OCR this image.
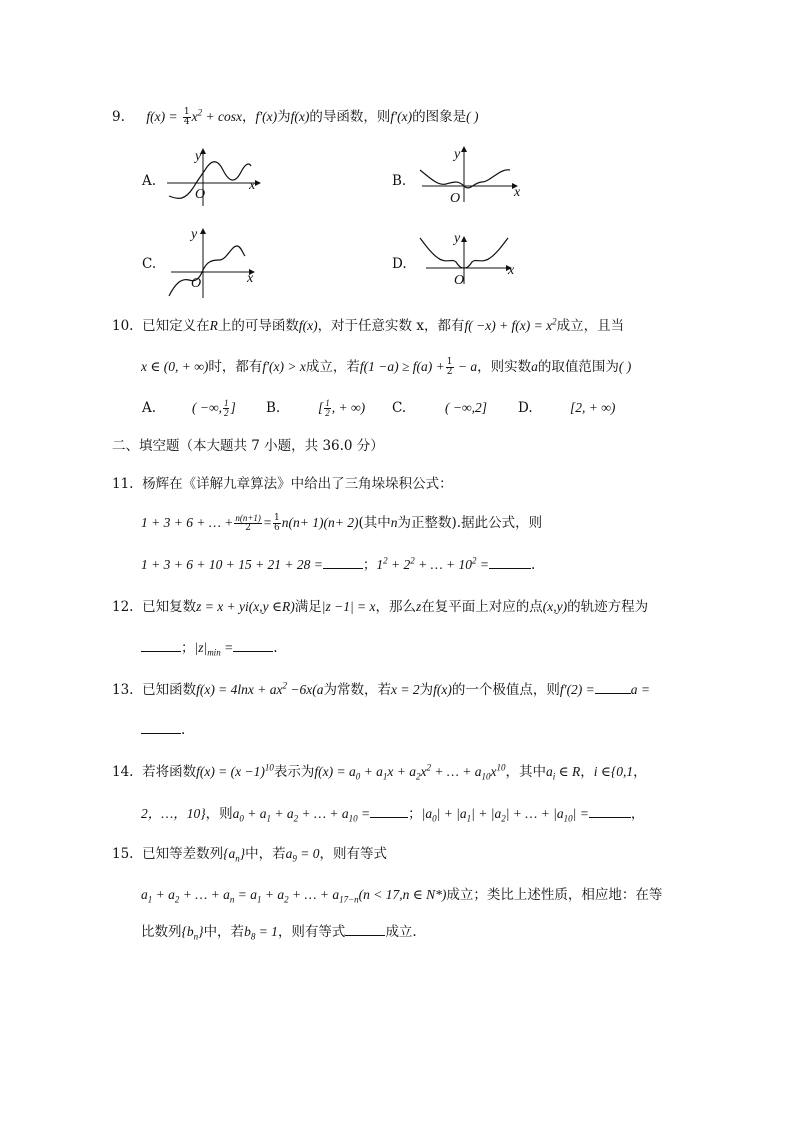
9. $f(x) = \frac{1}{4} x^2 + \cos x$，f′(x)为f(x)的导函数，则f′(x)的图象是( )
A.	B.
C.	D.
y
x
O
y
x
O
y
x
O
y
x
O
10. 已知定义在R上的可导函数f(x)，对于任意实数 x，都有$f( -x) + f(x) = x^2$成立，且当
x ∈ (0, + ∞)时，都有f′(x) > x成立，若$f(1 -a) \ge f(a) + \frac{1}{2} - a$，则实数a的取值范围为( )
A.	( −∞, $\frac{1}{2}$ ] B.	[ $\frac{1}{2}$ , + ∞) C.	( −∞,2] D.	[2, + ∞)
二、填空题（本大题共 7 小题，共 36.0 分）
11. 杨辉在《详解九章算法》中给出了三角垛垛积公式：
1 + 3 + 6 + … + $\frac{n(n+1)}{2} = \frac{1}{6} n(n+ 1)(n+ 2)$(其中n为正整数).据此公式，则
1 + 3 + 6 + 10 + 15 + 21 + 28 =	；$1^2 + 2^2$ + … + $10^2$ =	.
12. 已知复数z = x + yi(x,y ∈R)满足|z −1| = x，那么z在复平面上对应的点(x,y)的轨迹方程为
；$|z|_{min}$ =	.
13. 已知函数$f(x) = 4\ln x + ax^2 -6x(a$为常数，若x = 2为f(x)的一个极值点，则f′(2) =	a =
.
14. 若将函数$f(x) = (x -1)^{10}$表示为$f(x) = a_0 + a_1x + a_2x^2$ + … + $a_{10}x^{10}$，其中$a_i$ ∈ R，i ∈{0,1，
2，…，10}，则$a_0 + a_1 + a_2$ + … + $a_{10}$ =	；$|a_0| + |a_1| + |a_2|$ + … + $|a_{10}|$ =	，
15. 已知等差数列$\{a_n\}$中，若$a_9 = 0$，则有等式
$a_1 + a_2$ + … + $a_n = a_1 + a_2$ + … + $a_{17-n}(n < 17,n$ ∈ N*)成立；类比上述性质，相应地：在等
比数列$\{b_n\}$中，若$b_8 = 1$，则有等式	成立.
